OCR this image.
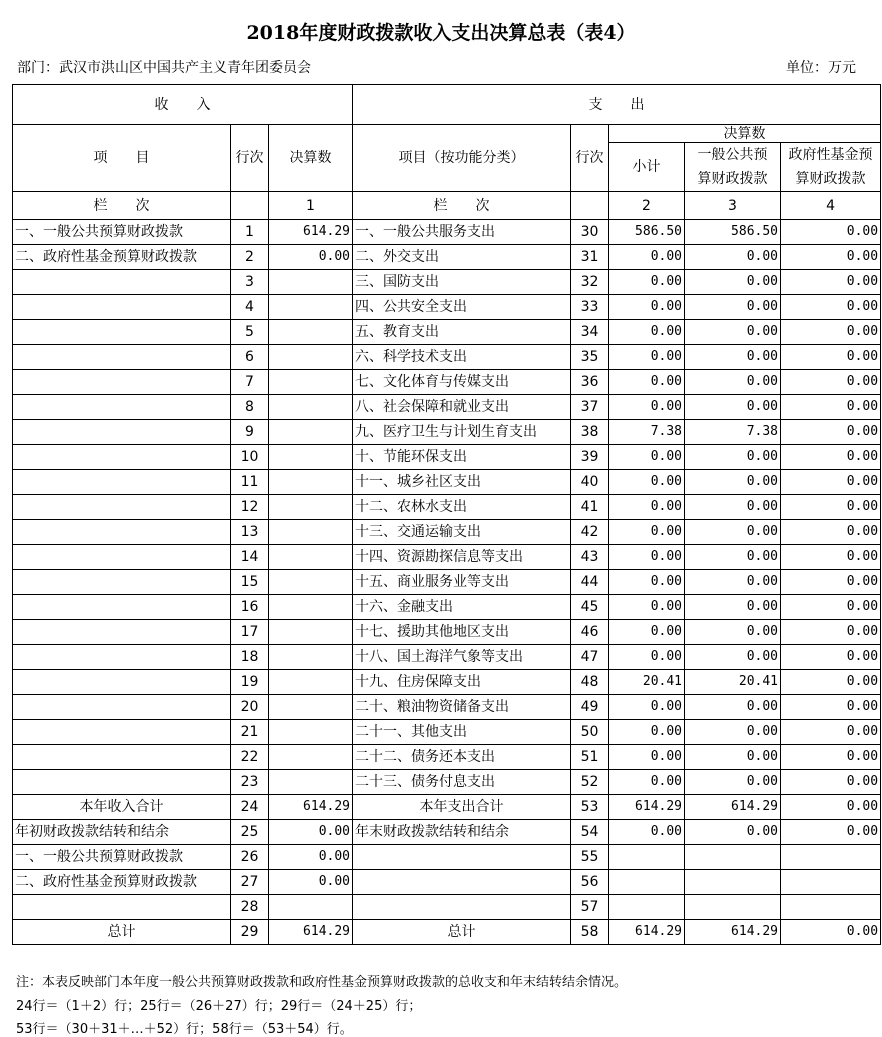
2018年度财政拨款收入支出决算总表（表4）
部门：武汉市洪山区中国共产主义青年团委员会	单位：万元
收　　入			支　　出				
项　　目	行次	决算数	项目（按功能分类）	行次	决算数		
					小计	一般公共预算财政拨款	政府性基金预算财政拨款
栏　　次		1	栏　　次		2	3	4
一、一般公共预算财政拨款	1	614.29	一、一般公共服务支出	30	586.50	586.50	0.00
二、政府性基金预算财政拨款	2	0.00	二、外交支出	31	0.00	0.00	0.00
	3		三、国防支出	32	0.00	0.00	0.00
	4		四、公共安全支出	33	0.00	0.00	0.00
	5		五、教育支出	34	0.00	0.00	0.00
	6		六、科学技术支出	35	0.00	0.00	0.00
	7		七、文化体育与传媒支出	36	0.00	0.00	0.00
	8		八、社会保障和就业支出	37	0.00	0.00	0.00
	9		九、医疗卫生与计划生育支出	38	7.38	7.38	0.00
	10		十、节能环保支出	39	0.00	0.00	0.00
	11		十一、城乡社区支出	40	0.00	0.00	0.00
	12		十二、农林水支出	41	0.00	0.00	0.00
	13		十三、交通运输支出	42	0.00	0.00	0.00
	14		十四、资源勘探信息等支出	43	0.00	0.00	0.00
	15		十五、商业服务业等支出	44	0.00	0.00	0.00
	16		十六、金融支出	45	0.00	0.00	0.00
	17		十七、援助其他地区支出	46	0.00	0.00	0.00
	18		十八、国土海洋气象等支出	47	0.00	0.00	0.00
	19		十九、住房保障支出	48	20.41	20.41	0.00
	20		二十、粮油物资储备支出	49	0.00	0.00	0.00
	21		二十一、其他支出	50	0.00	0.00	0.00
	22		二十二、债务还本支出	51	0.00	0.00	0.00
	23		二十三、债务付息支出	52	0.00	0.00	0.00
本年收入合计	24	614.29	本年支出合计	53	614.29	614.29	0.00
年初财政拨款结转和结余	25	0.00	年末财政拨款结转和结余	54	0.00	0.00	0.00
一、一般公共预算财政拨款	26	0.00		55			
二、政府性基金预算财政拨款	27	0.00		56			
	28			57			
总计	29	614.29	总计	58	614.29	614.29	0.00
注：本表反映部门本年度一般公共预算财政拨款和政府性基金预算财政拨款的总收支和年末结转结余情况。
24行＝（1＋2）行；25行＝（26＋27）行；29行＝（24＋25）行；
53行＝（30＋31＋…＋52）行；58行＝（53＋54）行。
